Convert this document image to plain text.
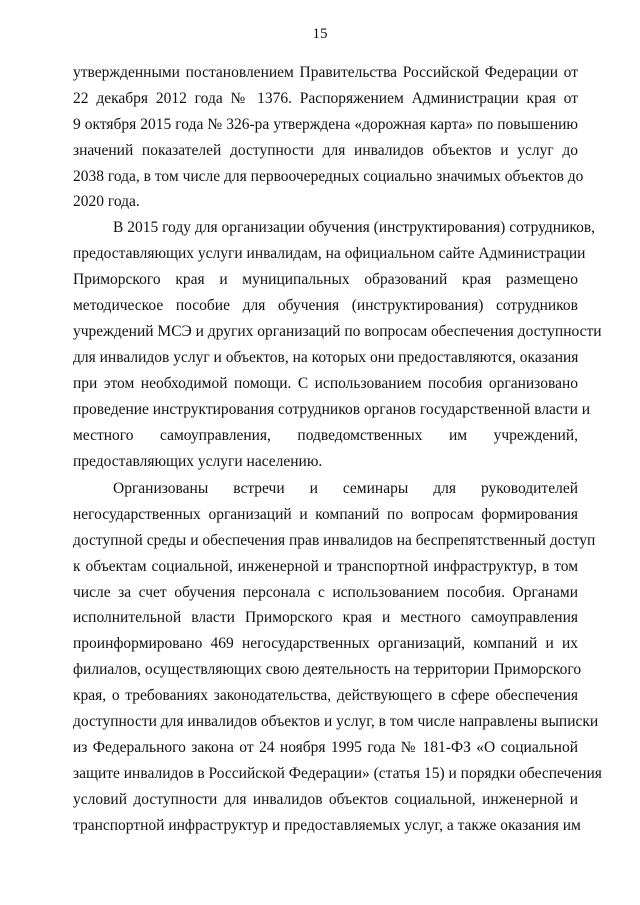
15
утвержденными постановлением Правительства Российской Федерации от
22 декабря 2012 года № 1376. Распоряжением Администрации края от
9 октября 2015 года № 326-ра утверждена «дорожная карта» по повышению
значений показателей доступности для инвалидов объектов и услуг до
2038 года, в том числе для первоочередных социально значимых объектов до
2020 года.
В 2015 году для организации обучения (инструктирования) сотрудников,
предоставляющих услуги инвалидам, на официальном сайте Администрации
Приморского края и муниципальных образований края размещено
методическое пособие для обучения (инструктирования) сотрудников
учреждений МСЭ и других организаций по вопросам обеспечения доступности
для инвалидов услуг и объектов, на которых они предоставляются, оказания
при этом необходимой помощи. С использованием пособия организовано
проведение инструктирования сотрудников органов государственной власти и
местного самоуправления, подведомственных им учреждений,
предоставляющих услуги населению.
Организованы встречи и семинары для руководителей
негосударственных организаций и компаний по вопросам формирования
доступной среды и обеспечения прав инвалидов на беспрепятственный доступ
к объектам социальной, инженерной и транспортной инфраструктур, в том
числе за счет обучения персонала с использованием пособия. Органами
исполнительной власти Приморского края и местного самоуправления
проинформировано 469 негосударственных организаций, компаний и их
филиалов, осуществляющих свою деятельность на территории Приморского
края, о требованиях законодательства, действующего в сфере обеспечения
доступности для инвалидов объектов и услуг, в том числе направлены выписки
из Федерального закона от 24 ноября 1995 года № 181-ФЗ «О социальной
защите инвалидов в Российской Федерации» (статья 15) и порядки обеспечения
условий доступности для инвалидов объектов социальной, инженерной и
транспортной инфраструктур и предоставляемых услуг, а также оказания им
